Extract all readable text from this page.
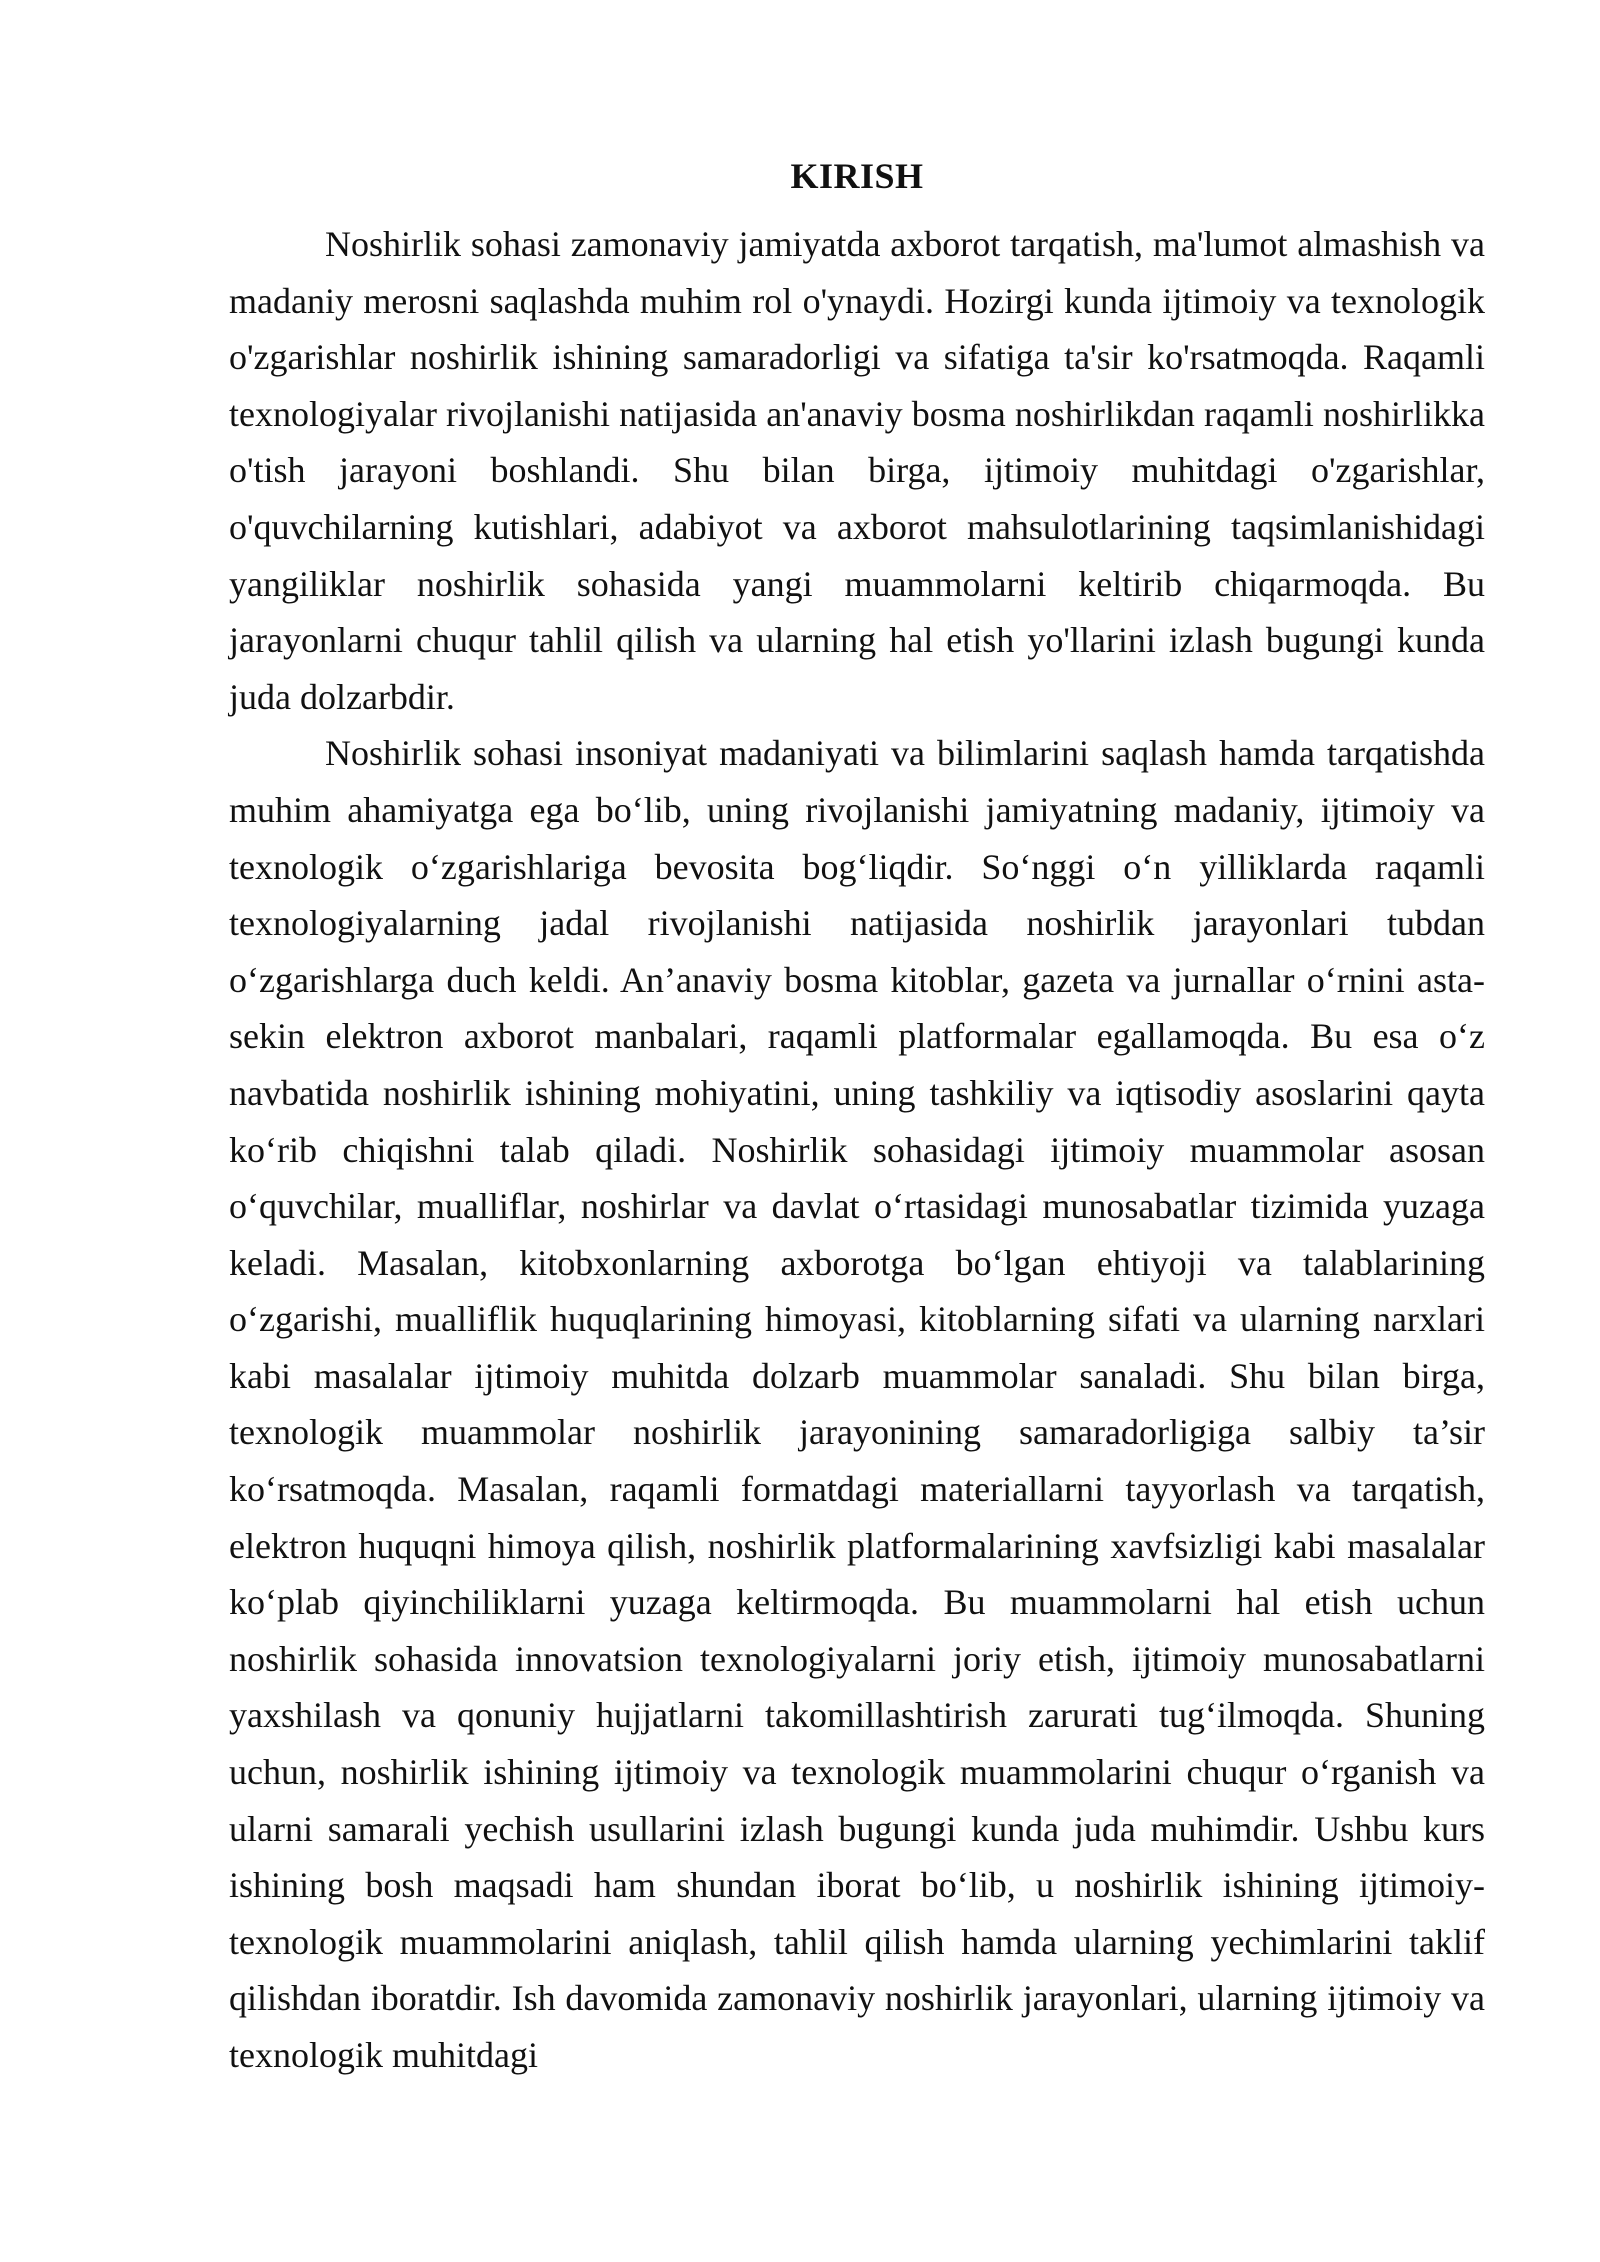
KIRISH

Noshirlik sohasi zamonaviy jamiyatda axborot tarqatish, ma'lumot almashish va madaniy merosni saqlashda muhim rol o'ynaydi. Hozirgi kunda ijtimoiy va texnologik o'zgarishlar noshirlik ishining samaradorligi va sifatiga ta'sir ko'rsatmoqda. Raqamli texnologiyalar rivojlanishi natijasida an'anaviy bosma noshirlikdan raqamli noshirlikka o'tish jarayoni boshlandi. Shu bilan birga, ijtimoiy muhitdagi o'zgarishlar, o'quvchilarning kutishlari, adabiyot va axborot mahsulotlarining taqsimlanishidagi yangiliklar noshirlik sohasida yangi muammolarni keltirib chiqarmoqda. Bu jarayonlarni chuqur tahlil qilish va ularning hal etish yo'llarini izlash bugungi kunda juda dolzarbdir.

Noshirlik sohasi insoniyat madaniyati va bilimlarini saqlash hamda tarqatishda muhim ahamiyatga ega bo‘lib, uning rivojlanishi jamiyatning madaniy, ijtimoiy va texnologik o‘zgarishlariga bevosita bog‘liqdir. So‘nggi o‘n yilliklarda raqamli texnologiyalarning jadal rivojlanishi natijasida noshirlik jarayonlari tubdan o‘zgarishlarga duch keldi. An’anaviy bosma kitoblar, gazeta va jurnallar o‘rnini asta-sekin elektron axborot manbalari, raqamli platformalar egallamoqda. Bu esa o‘z navbatida noshirlik ishining mohiyatini, uning tashkiliy va iqtisodiy asoslarini qayta ko‘rib chiqishni talab qiladi. Noshirlik sohasidagi ijtimoiy muammolar asosan o‘quvchilar, mualliflar, noshirlar va davlat o‘rtasidagi munosabatlar tizimida yuzaga keladi. Masalan, kitobxonlarning axborotga bo‘lgan ehtiyoji va talablarining o‘zgarishi, mualliflik huquqlarining himoyasi, kitoblarning sifati va ularning narxlari kabi masalalar ijtimoiy muhitda dolzarb muammolar sanaladi. Shu bilan birga, texnologik muammolar noshirlik jarayonining samaradorligiga salbiy ta’sir ko‘rsatmoqda. Masalan, raqamli formatdagi materiallarni tayyorlash va tarqatish, elektron huquqni himoya qilish, noshirlik platformalarining xavfsizligi kabi masalalar ko‘plab qiyinchiliklarni yuzaga keltirmoqda. Bu muammolarni hal etish uchun noshirlik sohasida innovatsion texnologiyalarni joriy etish, ijtimoiy munosabatlarni yaxshilash va qonuniy hujjatlarni takomillashtirish zarurati tug‘ilmoqda. Shuning uchun, noshirlik ishining ijtimoiy va texnologik muammolarini chuqur o‘rganish va ularni samarali yechish usullarini izlash bugungi kunda juda muhimdir. Ushbu kurs ishining bosh maqsadi ham shundan iborat bo‘lib, u noshirlik ishining ijtimoiy-texnologik muammolarini aniqlash, tahlil qilish hamda ularning yechimlarini taklif qilishdan iboratdir. Ish davomida zamonaviy noshirlik jarayonlari, ularning ijtimoiy va texnologik muhitdagi
